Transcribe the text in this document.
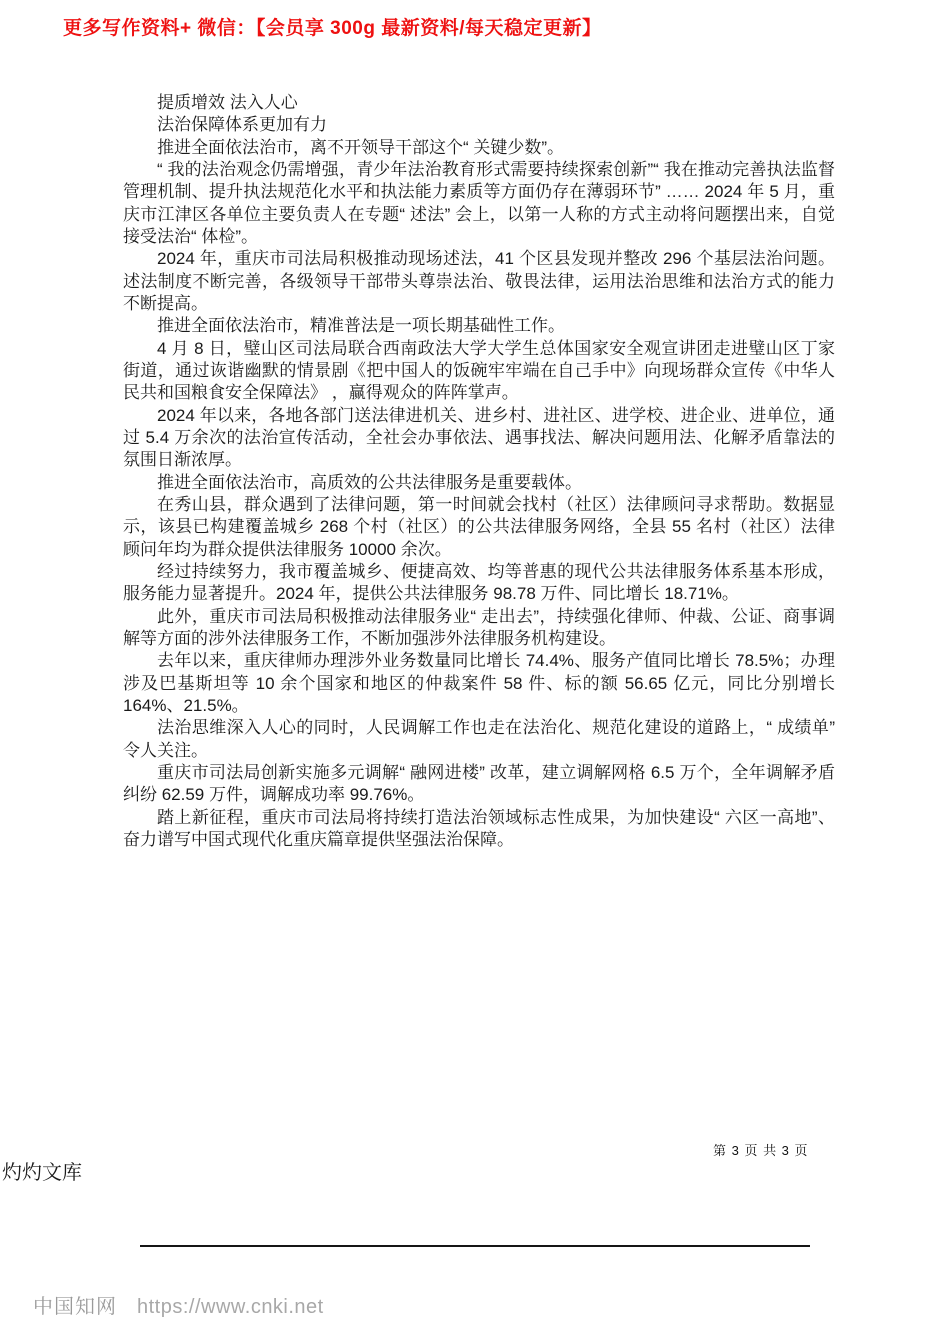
更多写作资料+ 微信：【会员享 300g 最新资料/每天稳定更新】

提质增效 法入人心

法治保障体系更加有力

推进全面依法治市，离不开领导干部这个“ 关键少数”。

“ 我的法治观念仍需增强，青少年法治教育形式需要持续探索创新”“ 我在推动完善执法监督管理机制、提升执法规范化水平和执法能力素质等方面仍存在薄弱环节” …… 2024 年 5 月，重庆市江津区各单位主要负责人在专题“ 述法” 会上，以第一人称的方式主动将问题摆出来，自觉接受法治“ 体检”。

2024 年，重庆市司法局积极推动现场述法，41 个区县发现并整改 296 个基层法治问题。述法制度不断完善，各级领导干部带头尊崇法治、敬畏法律，运用法治思维和法治方式的能力不断提高。

推进全面依法治市，精准普法是一项长期基础性工作。

4 月 8 日，璧山区司法局联合西南政法大学大学生总体国家安全观宣讲团走进璧山区丁家街道，通过诙谐幽默的情景剧《把中国人的饭碗牢牢端在自己手中》向现场群众宣传《中华人民共和国粮食安全保障法》 ，赢得观众的阵阵掌声。

2024 年以来，各地各部门送法律进机关、进乡村、进社区、进学校、进企业、进单位，通过 5.4 万余次的法治宣传活动，全社会办事依法、遇事找法、解决问题用法、化解矛盾靠法的氛围日渐浓厚。

推进全面依法治市，高质效的公共法律服务是重要载体。

在秀山县，群众遇到了法律问题，第一时间就会找村（社区）法律顾问寻求帮助。数据显示，该县已构建覆盖城乡 268 个村（社区）的公共法律服务网络，全县 55 名村（社区）法律顾问年均为群众提供法律服务 10000 余次。

经过持续努力，我市覆盖城乡、便捷高效、均等普惠的现代公共法律服务体系基本形成，服务能力显著提升。2024 年，提供公共法律服务 98.78 万件、同比增长 18.71%。

此外，重庆市司法局积极推动法律服务业“ 走出去”，持续强化律师、仲裁、公证、商事调解等方面的涉外法律服务工作，不断加强涉外法律服务机构建设。

去年以来，重庆律师办理涉外业务数量同比增长 74.4%、服务产值同比增长 78.5%；办理涉及巴基斯坦等 10 余个国家和地区的仲裁案件 58 件、标的额 56.65 亿元，同比分别增长 164%、21.5%。

法治思维深入人心的同时，人民调解工作也走在法治化、规范化建设的道路上，“ 成绩单” 令人关注。

重庆市司法局创新实施多元调解“ 融网进楼” 改革，建立调解网格 6.5 万个，全年调解矛盾纠纷 62.59 万件，调解成功率 99.76%。

踏上新征程，重庆市司法局将持续打造法治领域标志性成果，为加快建设“ 六区一高地”、奋力谱写中国式现代化重庆篇章提供坚强法治保障。

第 3 页 共 3 页
灼灼文库
中国知网 https://www.cnki.net
